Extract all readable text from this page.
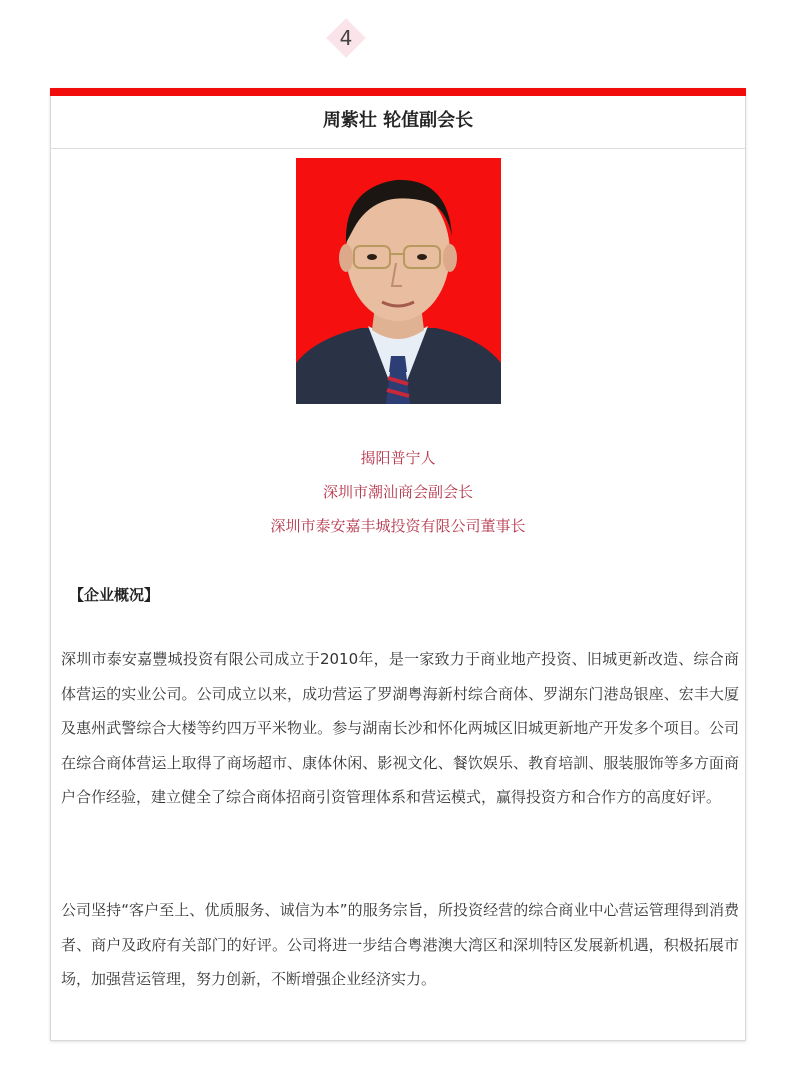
4
周紫壮 轮值副会长
揭阳普宁人
深圳市潮汕商会副会长
深圳市泰安嘉丰城投资有限公司董事长
【企业概况】
深圳市泰安嘉豐城投资有限公司成立于2010年，是一家致力于商业地产投资、旧城更新改造、综合商体营运的实业公司。公司成立以来，成功营运了罗湖粤海新村综合商体、罗湖东门港岛银座、宏丰大厦及惠州武警综合大楼等约四万平米物业。参与湖南长沙和怀化两城区旧城更新地产开发多个项目。公司在综合商体营运上取得了商场超市、康体休闲、影视文化、餐饮娱乐、教育培訓、服装服饰等多方面商户合作经验，建立健全了综合商体招商引资管理体系和营运模式，赢得投资方和合作方的高度好评。
公司坚持“客户至上、优质服务、诚信为本”的服务宗旨，所投资经营的综合商业中心营运管理得到消费者、商户及政府有关部门的好评。公司将进一步结合粤港澳大湾区和深圳特区发展新机遇，积极拓展市场，加强营运管理，努力创新，不断增强企业经济实力。
